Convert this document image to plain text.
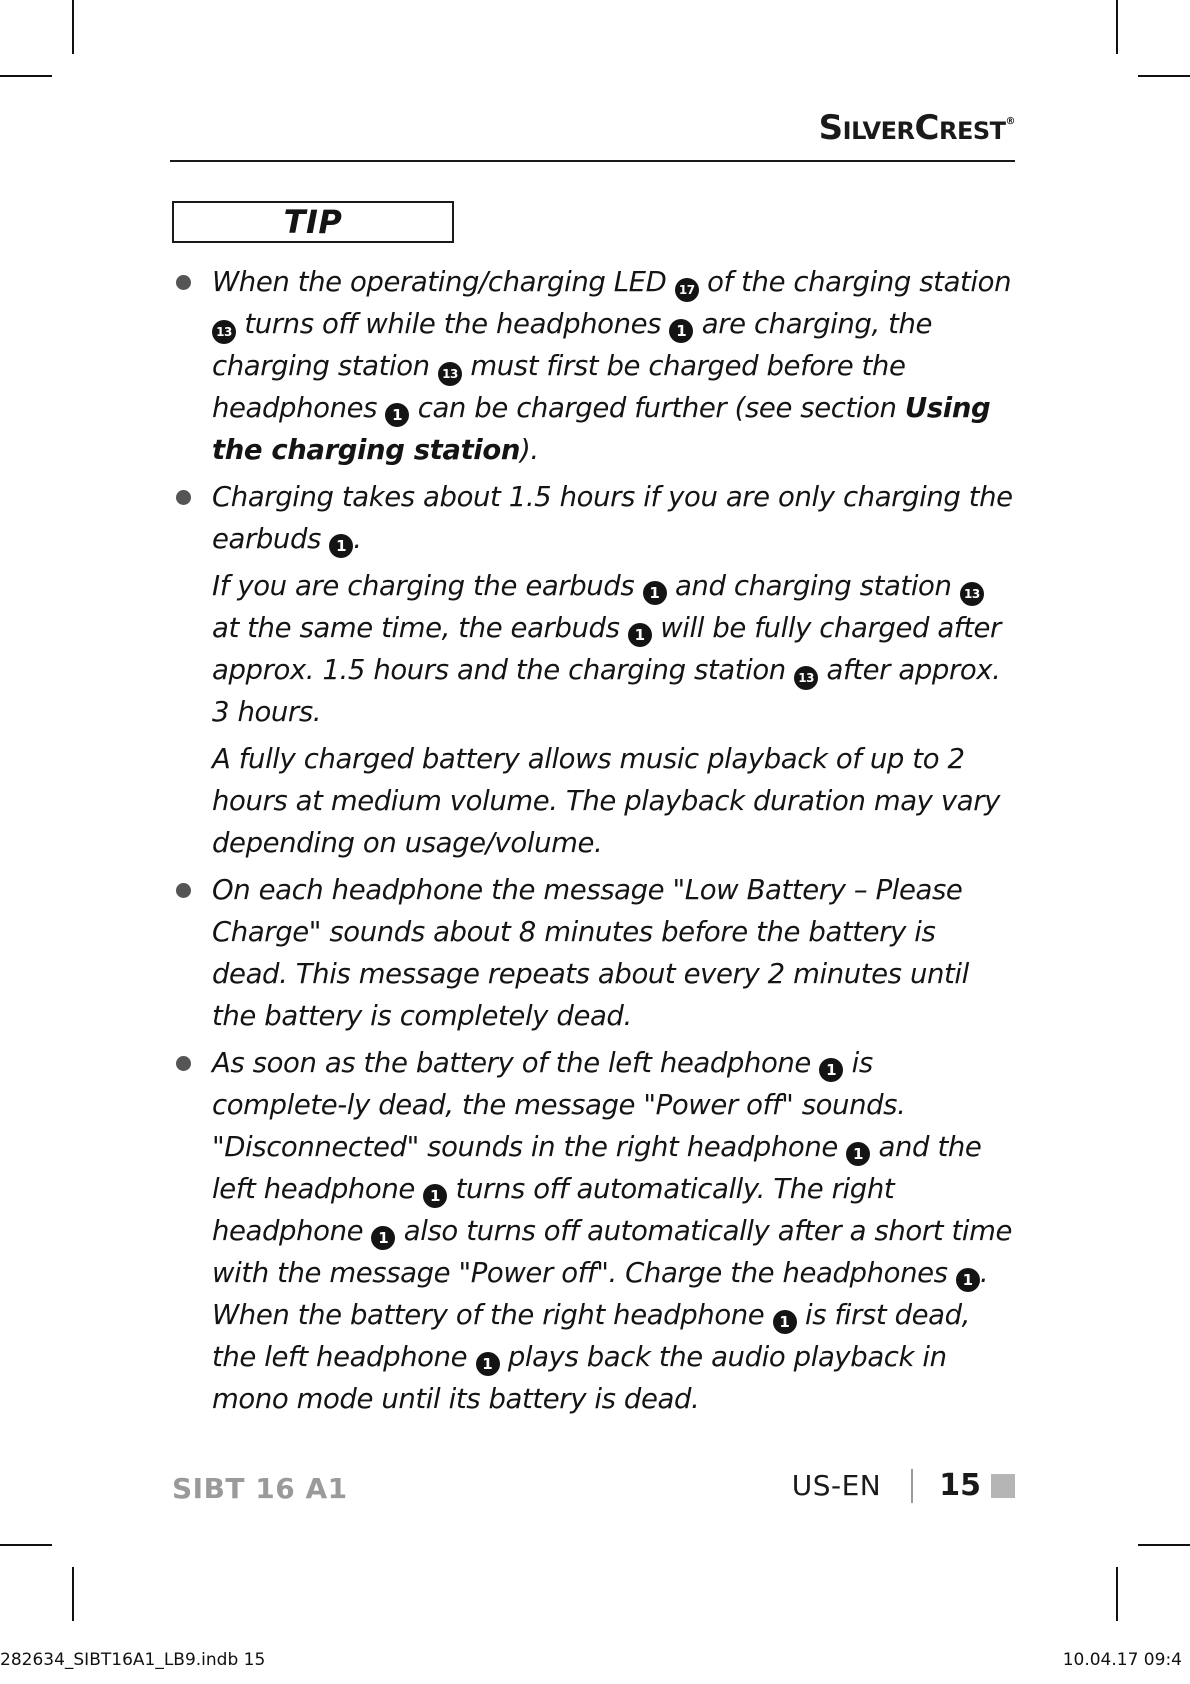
SilverCrest®
TIP

When the operating/charging LED 17 of the charging station 13 turns off while the headphones 1 are charging, the charging station 13 must first be charged before the headphones 1 can be charged further (see section Using the charging station).

Charging takes about 1.5 hours if you are only charging the earbuds 1 .

If you are charging the earbuds 1 and charging station 13 at the same time, the earbuds 1 will be fully charged after approx. 1.5 hours and the charging station 13 after approx. 3 hours.

A fully charged battery allows music playback of up to 2 hours at medium volume. The playback duration may vary depending on usage/volume.

On each headphone the message "Low Battery – Please Charge" sounds about 8 minutes before the battery is dead. This message repeats about every 2 minutes until the battery is completely dead.

As soon as the battery of the left headphone 1 is complete-ly dead, the message "Power off" sounds. "Disconnected" sounds in the right headphone 1 and the left headphone 1 turns off automatically. The right headphone 1 also turns off automatically after a short time with the message "Power off". Charge the headphones 1 . When the battery of the right headphone 1 is first dead, the left headphone 1 plays back the audio playback in mono mode until its battery is dead.

SIBT 16 A1	US-EN 15
282634_SIBT16A1_LB9.indb 15	10.04.17 09:4
